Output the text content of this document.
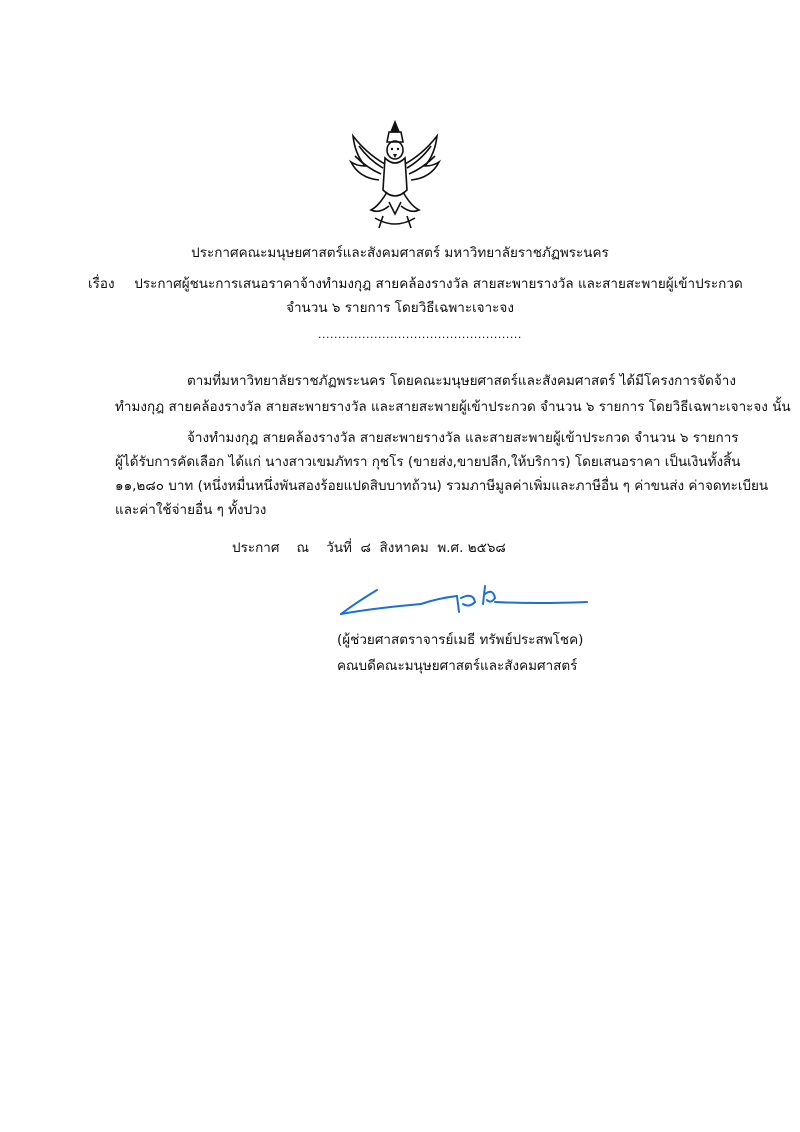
ประกาศคณะมนุษยศาสตร์และสังคมศาสตร์ มหาวิทยาลัยราชภัฏพระนคร
เรื่อง ประกาศผู้ชนะการเสนอราคาจ้างทำมงกุฎ สายคล้องรางวัล สายสะพายรางวัล และสายสะพายผู้เข้าประกวด
จำนวน ๖ รายการ โดยวิธีเฉพาะเจาะจง
...................................................
ตามที่มหาวิทยาลัยราชภัฏพระนคร โดยคณะมนุษยศาสตร์และสังคมศาสตร์ ได้มีโครงการจัดจ้าง
ทำมงกุฎ สายคล้องรางวัล สายสะพายรางวัล และสายสะพายผู้เข้าประกวด จำนวน ๖ รายการ โดยวิธีเฉพาะเจาะจง นั้น
จ้างทำมงกุฎ สายคล้องรางวัล สายสะพายรางวัล และสายสะพายผู้เข้าประกวด จำนวน ๖ รายการ
ผู้ได้รับการคัดเลือก ได้แก่ นางสาวเขมภัทรา กุชโร (ขายส่ง,ขายปลีก,ให้บริการ) โดยเสนอราคา เป็นเงินทั้งสิ้น
๑๑,๒๘๐ บาท (หนึ่งหมื่นหนึ่งพันสองร้อยแปดสิบบาทถ้วน) รวมภาษีมูลค่าเพิ่มและภาษีอื่น ๆ ค่าขนส่ง ค่าจดทะเบียน
และค่าใช้จ่ายอื่น ๆ ทั้งปวง
ประกาศ    ณ    วันที่  ๘  สิงหาคม  พ.ศ. ๒๕๖๘
(ผู้ช่วยศาสตราจารย์เมธี ทรัพย์ประสพโชค)
คณบดีคณะมนุษยศาสตร์และสังคมศาสตร์
